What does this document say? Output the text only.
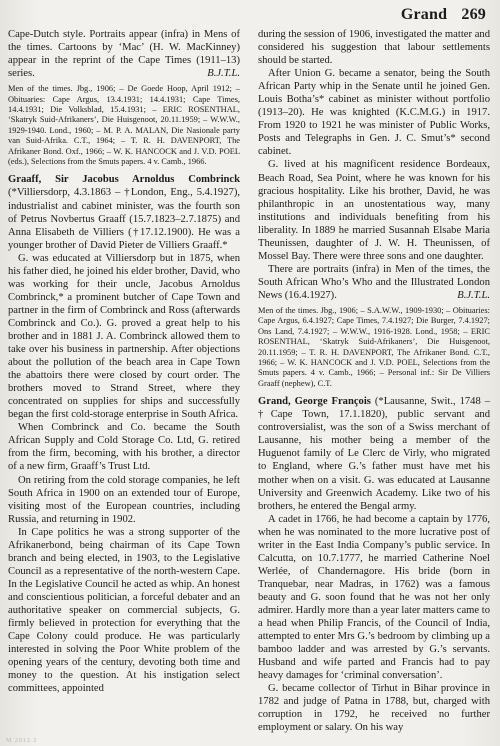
Grand 269

Cape-Dutch style. Portraits appear (infra) in Mens of the times. Cartoons by ‘Mac’ (H. W. MacKinney) appear in the reprint of the Cape Times (1911–13) series.	B.J.T.L.

Men of the times. Jbg., 1906; – De Goede Hoop, April 1912; – Obituaries: Cape Argus, 13.4.1931; 14.4.1931; Cape Times, 14.4.1931; Die Volksblad, 15.4.1931; – ERIC ROSENTHAL, ‘Skatryk Suid-Afrikaners’, Die Huisgenoot, 20.11.1959; – W.W.W., 1929-1940. Lond., 1960; – M. P. A. MALAN, Die Nasionale party van Suid-Afrika. C.T., 1964; – T. R. H. DAVENPORT, The Afrikaner Bond. Oxf., 1966; – W. K. HANCOCK and J. V.D. POEL (eds.), Selections from the Smuts papers. 4 v. Camb., 1966.

Graaff, Sir Jacobus Arnoldus Combrinck (*Villiersdorp, 4.3.1863 – †London, Eng., 5.4.1927), industrialist and cabinet minister, was the fourth son of Petrus Novbertus Graaff (15.7.1823–2.7.1875) and Anna Elisabeth de Villiers (†17.12.1900). He was a younger brother of David Pieter de Villiers Graaff.*

G. was educated at Villiersdorp but in 1875, when his father died, he joined his elder brother, David, who was working for their uncle, Jacobus Arnoldus Combrinck,* a prominent butcher of Cape Town and partner in the firm of Combrinck and Ross (afterwards Combrinck and Co.). G. proved a great help to his brother and in 1881 J. A. Combrinck allowed them to take over his business in partnership. After objections about the pollution of the beach area in Cape Town the abattoirs there were closed by court order. The brothers moved to Strand Street, where they concentrated on supplies for ships and successfully began the first cold-storage enterprise in South Africa.

When Combrinck and Co. became the South African Supply and Cold Storage Co. Ltd, G. retired from the firm, becoming, with his brother, a director of a new firm, Graaff’s Trust Ltd.

On retiring from the cold storage companies, he left South Africa in 1900 on an extended tour of Europe, visiting most of the European countries, including Russia, and returning in 1902.

In Cape politics he was a strong supporter of the Afrikanerbond, being chairman of its Cape Town branch and being elected, in 1903, to the Legislative Council as a representative of the north-western Cape. In the Legislative Council he acted as whip. An honest and conscientious politician, a forceful debater and an authoritative speaker on commercial subjects, G. firmly believed in protection for everything that the Cape Colony could produce. He was particularly interested in solving the Poor White problem of the opening years of the century, devoting both time and money to the question. At his instigation select committees, appointed

during the session of 1906, investigated the matter and considered his suggestion that labour settlements should be started.

After Union G. became a senator, being the South African Party whip in the Senate until he joined Gen. Louis Botha’s* cabinet as minister without portfolio (1913–20). He was knighted (K.C.M.G.) in 1917. From 1920 to 1921 he was minister of Public Works, Posts and Telegraphs in Gen. J. C. Smut’s* second cabinet.

G. lived at his magnificent residence Bordeaux, Beach Road, Sea Point, where he was known for his gracious hospitality. Like his brother, David, he was philanthropic in an unostentatious way, many institutions and individuals benefiting from his liberality. In 1889 he married Susannah Elsabe Maria Theunissen, daughter of J. W. H. Theunissen, of Mossel Bay. There were three sons and one daughter.

There are portraits (infra) in Men of the times, the South African Who’s Who and the Illustrated London News (16.4.1927).	B.J.T.L.

Men of the times. Jbg., 1906; – S.A.W.W., 1909-1930; – Obituaries: Cape Argus, 6.4.1927; Cape Times, 7.4.1927; Die Burger, 7.4.1927; Ons Land, 7.4.1927; – W.W.W., 1916-1928. Lond., 1958; – ERIC ROSENTHAL, ‘Skatryk Suid-Afrikaners’, Die Huisgenoot, 20.11.1959; – T. R. H. DAVENPORT, The Afrikaner Bond. C.T., 1966; – W. K. HANCOCK and J. V.D. POEL, Selections from the Smuts papers. 4 v. Camb., 1966; – Personal inf.: Sir De Villiers Graaff (nephew), C.T.

Grand, George François (*Lausanne, Swit., 1748 – †Cape Town, 17.1.1820), public servant and controversialist, was the son of a Swiss merchant of Lausanne, his mother being a member of the Huguenot family of Le Clerc de Virly, who migrated to England, where G.’s father must have met his mother when on a visit. G. was educated at Lausanne University and Greenwich Academy. Like two of his brothers, he entered the Bengal army.

A cadet in 1766, he had become a captain by 1776, when he was nominated to the more lucrative post of writer in the East India Company’s public service. In Calcutta, on 10.7.1777, he married Catherine Noel Werlée, of Chandernagore. His bride (born in Tranquebar, near Madras, in 1762) was a famous beauty and G. soon found that he was not her only admirer. Hardly more than a year later matters came to a head when Philip Francis, of the Council of India, attempted to enter Mrs G.’s bedroom by climbing up a bamboo ladder and was arrested by G.’s servants. Husband and wife parted and Francis had to pay heavy damages for ‘criminal conversation’.

G. became collector of Tirhut in Bihar province in 1782 and judge of Patna in 1788, but, charged with corruption in 1792, he received no further employment or salary. On his way

M 2012 2
